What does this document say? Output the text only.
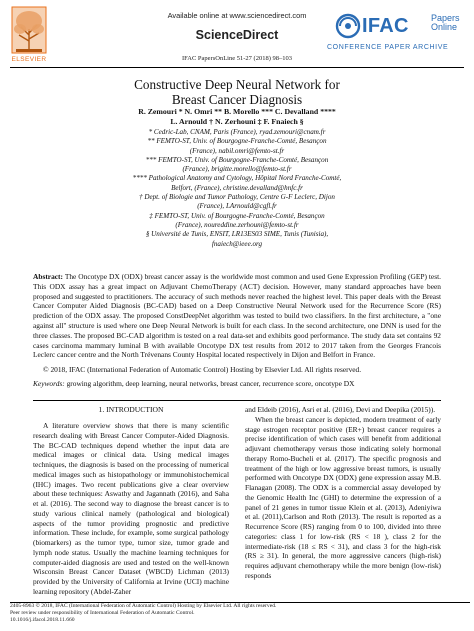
Available online at www.sciencedirect.com
ScienceDirect
ELSEVIER
IFAC Papers
Online
CONFERENCE PAPER ARCHIVE
IFAC PapersOnLine 51-27 (2018) 98–103
Constructive Deep Neural Network for
Breast Cancer Diagnosis
R. Zemouri * N. Omri ** B. Morello *** C. Devalland ****
L. Arnould † N. Zerhouni ‡ F. Fnaiech §
* Cedric-Lab, CNAM, Paris (France), ryad.zemouri@cnam.fr
** FEMTO-ST, Univ. of Bourgogne-Franche-Comté, Besançon
(France), nabil.omri@femto-st.fr
*** FEMTO-ST, Univ. of Bourgogne-Franche-Comté, Besançon
(France), brigitte.morello@femto-st.fr
**** Pathological Anatomy and Cytology, Hôpital Nord Franche-Comté,
Belfort, (France), christine.devalland@hnfc.fr
† Dept. of Biologie and Tumor Pathology, Centre G-F Leclerc, Dijon
(France), LArnould@cgfl.fr
‡ FEMTO-ST, Univ. of Bourgogne-Franche-Comté, Besançon
(France), noureddine.zerhouni@femto-st.fr
§ Université de Tunis, ENSIT, LR13ES03 SIME, Tunis (Tunisia),
fnaiech@ieee.org
Abstract: The Oncotype DX (ODX) breast cancer assay is the worldwide most common and used Gene Expression Profiling (GEP) test. This ODX assay has a great impact on Adjuvant ChemoTherapy (ACT) decision. However, many standard approaches have been proposed and suggested to practitioners. The accuracy of such methods never reached the highest level. This paper deals with the Breast Cancer Computer Aided Diagnosis (BC-CAD) based on a Deep Constructive Neural Network used for the Recurrence Score (RS) prediction of the ODX assay. The proposed ConstDeepNet algorithm was tested to build two classifiers. In the first architecture, a "one against all" structure is used where one Deep Neural Network is built for each class. In the second architecture, one DNN is used for the three classes. The proposed BC-CAD algorithm is tested on a real data-set and exhibits good performance. The study data set contains 92 cases carcinoma mammary luminal B with available Oncotype DX test results from 2012 to 2017 taken from the Georges Francois Leclerc cancer centre and the North Trévenans County Hospital located respectively in Dijon and Belfort in France.
© 2018, IFAC (International Federation of Automatic Control) Hosting by Elsevier Ltd. All rights reserved.
Keywords: growing algorithm, deep learning, neural networks, breast cancer, recurrence score, oncotype DX
1. INTRODUCTION

A literature overview shows that there is many scientific research dealing with Breast Cancer Computer-Aided Diagnosis. The BC-CAD techniques depend whether the input data are medical images or clinical data. Using medical images techniques, the diagnosis is based on the processing of numerical medical images such as histopathology or immunohistochemical (IHC) images. Two recent publications give a clear overview about these techniques: Aswathy and Jagannath (2016), and Saha et al. (2016). The second way to diagnose the breast cancer is to study various clinical namely (pathological and biological) aspects of the tumor providing prognostic and predictive information. These include, for example, some surgical pathology (biomarkers) as the tumor type, tumor size, tumor grade and lymph node status. Usually the machine learning techniques for computer-aided diagnosis are used and tested on the well-known Wisconsin Breast Cancer Dataset (WBCD) Lichman (2013) provided by the University of California at Irvine (UCI) machine learning repository (Abdel-Zaher

and Eldeib (2016), Asri et al. (2016), Devi and Deepika (2015)).

When the breast cancer is depicted, modern treatment of early stage estrogen receptor positive (ER+) breast cancer requires a precise identification of which cases will benefit from additional adjuvant chemotherapy versus those indicating solely hormonal therapy Romo-Bucheli et al. (2017). The specific prognosis and treatment of the high or low aggressive breast tumors, is usually performed with Oncotype DX (ODX) gene expression assay M.B. Flanagan (2008). The ODX is a commercial assay developed by the Genomic Health Inc (GHI) to determine the expression of a panel of 21 genes in tumor tissue Klein et al. (2013), Adeniyiwa et al. (2011),Carlson and Roth (2013). The result is reported as a Recurrence Score (RS) ranging from 0 to 100, divided into three categories: class 1 for low-risk (RS < 18 ), class 2 for the intermediate-risk (18 ≤ RS < 31), and class 3 for the high-risk (RS ≥ 31). In general, the more aggressive cancers (high-risk) requires adjuvant chemotherapy while the more benign (low-risk) responds

2405-8963 © 2018, IFAC (International Federation of Automatic Control) Hosting by Elsevier Ltd. All rights reserved.
Peer review under responsibility of International Federation of Automatic Control.
10.1016/j.ifacol.2018.11.660
